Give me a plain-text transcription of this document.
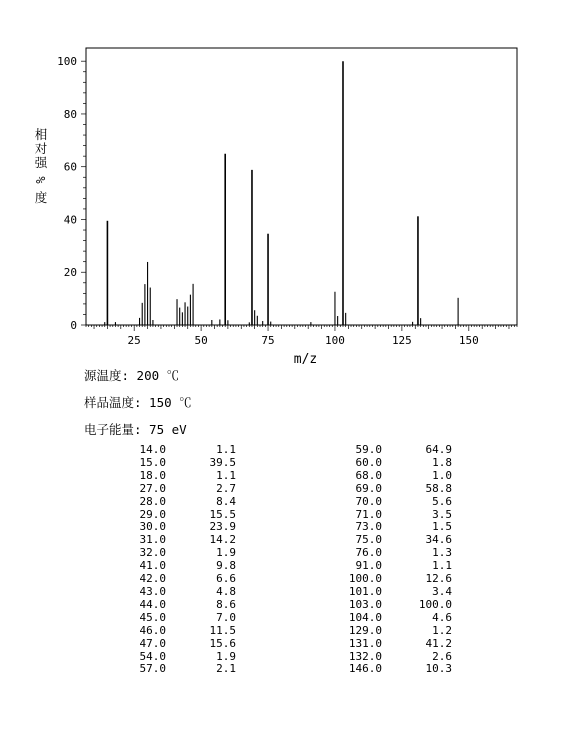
25	50	75	100	125	150
0
20
40
60
80
100
m/z
相
对
强
%
度
源温度: 200 ℃
样品温度: 150 ℃
电子能量: 75 eV
14.0	1.1
15.0	39.5
18.0	1.1
27.0	2.7
28.0	8.4
29.0	15.5
30.0	23.9
31.0	14.2
32.0	1.9
41.0	9.8
42.0	6.6
43.0	4.8
44.0	8.6
45.0	7.0
46.0	11.5
47.0	15.6
54.0	1.9
57.0	2.1
59.0	64.9
60.0	1.8
68.0	1.0
69.0	58.8
70.0	5.6
71.0	3.5
73.0	1.5
75.0	34.6
76.0	1.3
91.0	1.1
100.0	12.6
101.0	3.4
103.0	100.0
104.0	4.6
129.0	1.2
131.0	41.2
132.0	2.6
146.0	10.3
